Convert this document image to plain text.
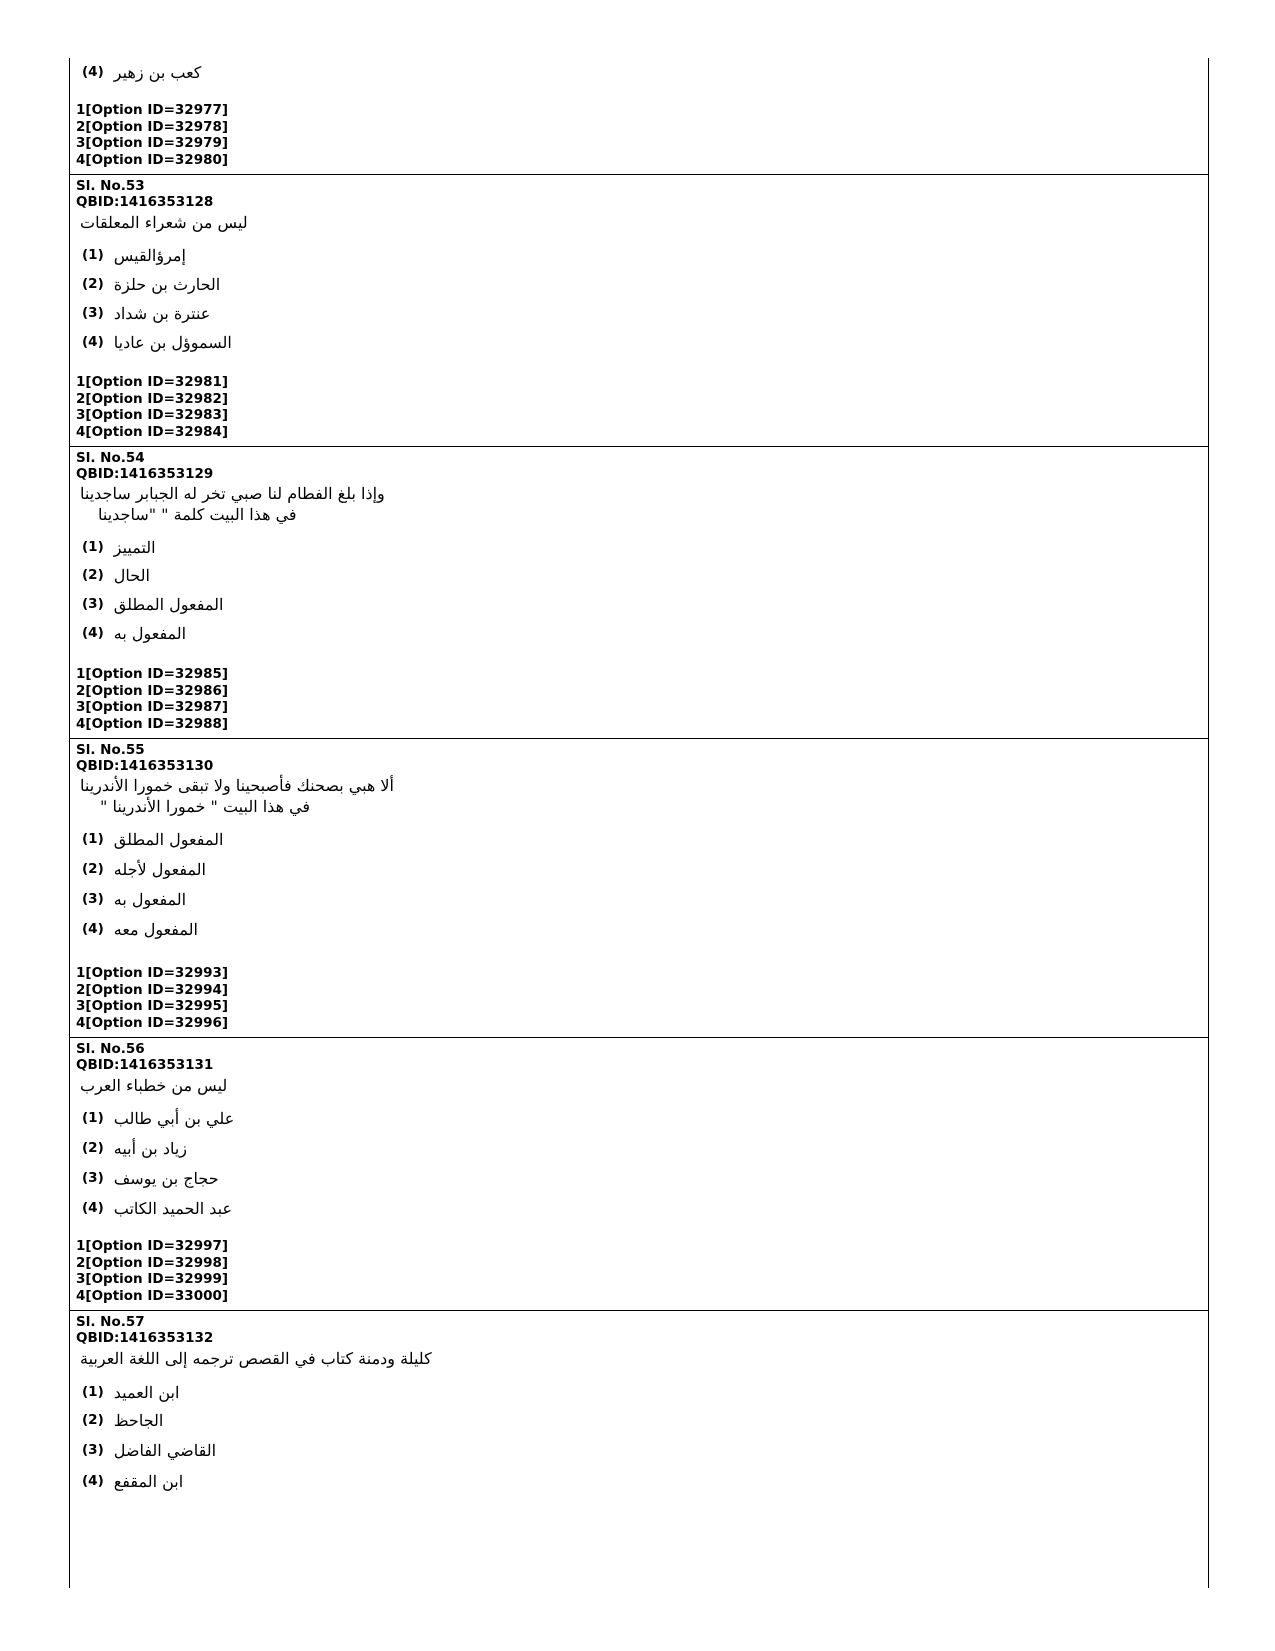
(4) كعب بن زهير
1[Option ID=32977]
2[Option ID=32978]
3[Option ID=32979]
4[Option ID=32980]
Sl. No.53
QBID:1416353128
ليس من شعراء المعلقات
(1) إمرؤالقيس
(2) الحارث بن حلزة
(3) عنترة بن شداد
(4) السموؤل بن عاديا
1[Option ID=32981]
2[Option ID=32982]
3[Option ID=32983]
4[Option ID=32984]
Sl. No.54
QBID:1416353129
وإذا بلغ الفطام لنا صبي تخر له الجبابر ساجدينا
في هذا البيت كلمة " "ساجدينا
(1) التمييز
(2) الحال
(3) المفعول المطلق
(4) المفعول به
1[Option ID=32985]
2[Option ID=32986]
3[Option ID=32987]
4[Option ID=32988]
Sl. No.55
QBID:1416353130
ألا هبي بصحنك فأصبحينا ولا تبقى خمورا الأندرينا
في هذا البيت " خمورا الأندرينا "
(1) المفعول المطلق
(2) المفعول لأجله
(3) المفعول به
(4) المفعول معه
1[Option ID=32993]
2[Option ID=32994]
3[Option ID=32995]
4[Option ID=32996]
Sl. No.56
QBID:1416353131
ليس من خطباء العرب
(1) علي بن أبي طالب
(2) زياد بن أبيه
(3) حجاج بن يوسف
(4) عبد الحميد الكاتب
1[Option ID=32997]
2[Option ID=32998]
3[Option ID=32999]
4[Option ID=33000]
Sl. No.57
QBID:1416353132
كليلة ودمنة كتاب في القصص ترجمه إلى اللغة العربية
(1) ابن العميد
(2) الجاحظ
(3) القاضي الفاضل
(4) ابن المقفع
